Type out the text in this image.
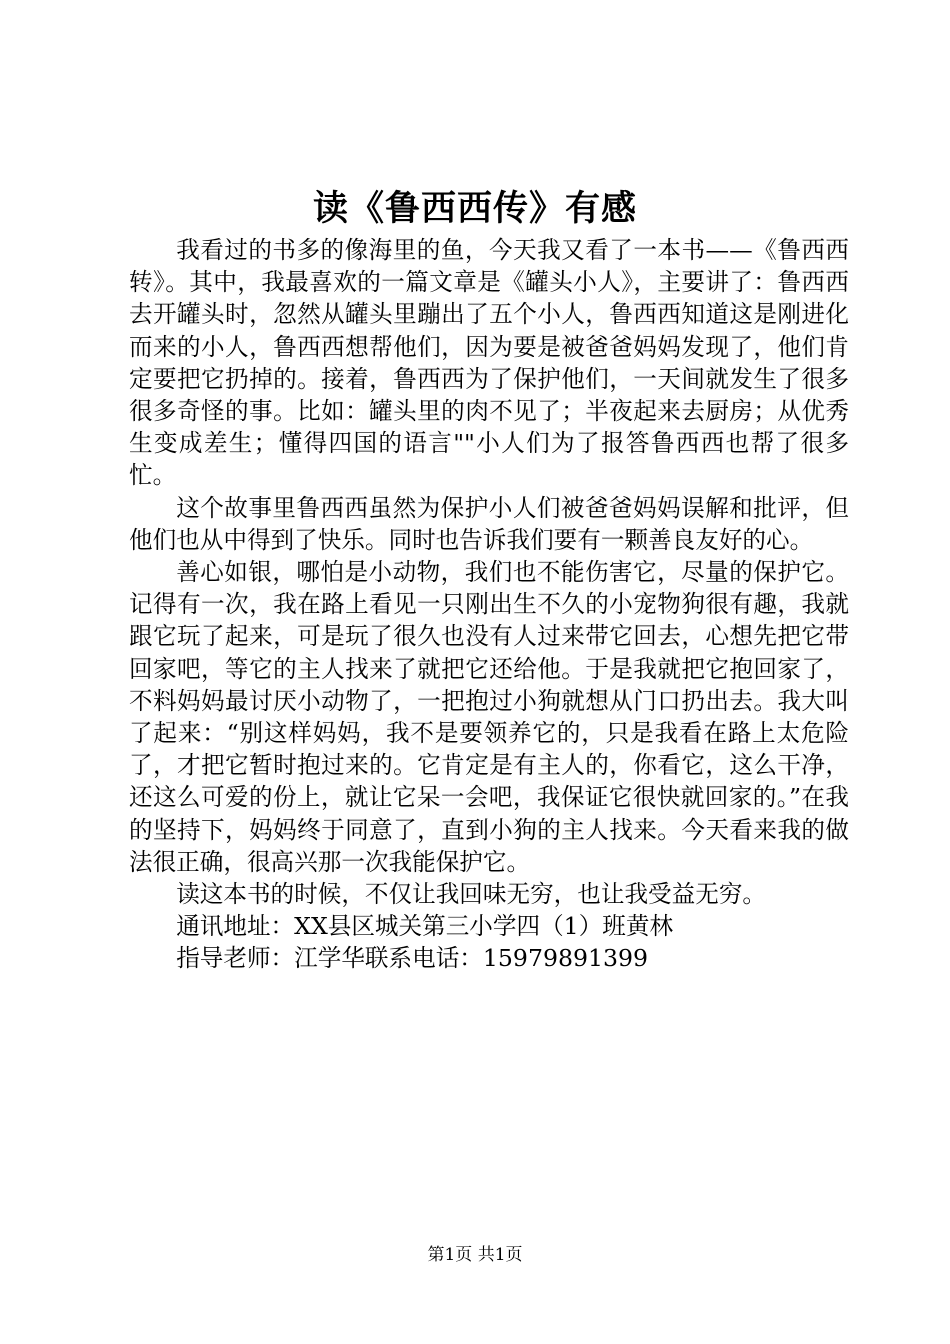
读《鲁西西传》有感

我看过的书多的像海里的鱼，今天我又看了一本书——《鲁西西转》。其中，我最喜欢的一篇文章是《罐头小人》，主要讲了：鲁西西去开罐头时，忽然从罐头里蹦出了五个小人，鲁西西知道这是刚进化而来的小人，鲁西西想帮他们，因为要是被爸爸妈妈发现了，他们肯定要把它扔掉的。接着，鲁西西为了保护他们，一天间就发生了很多很多奇怪的事。比如：罐头里的肉不见了；半夜起来去厨房；从优秀生变成差生；懂得四国的语言""小人们为了报答鲁西西也帮了很多忙。

这个故事里鲁西西虽然为保护小人们被爸爸妈妈误解和批评，但他们也从中得到了快乐。同时也告诉我们要有一颗善良友好的心。

善心如银，哪怕是小动物，我们也不能伤害它，尽量的保护它。记得有一次，我在路上看见一只刚出生不久的小宠物狗很有趣，我就跟它玩了起来，可是玩了很久也没有人过来带它回去，心想先把它带回家吧，等它的主人找来了就把它还给他。于是我就把它抱回家了，不料妈妈最讨厌小动物了，一把抱过小狗就想从门口扔出去。我大叫了起来：“别这样妈妈，我不是要领养它的，只是我看在路上太危险了，才把它暂时抱过来的。它肯定是有主人的，你看它，这么干净，还这么可爱的份上，就让它呆一会吧，我保证它很快就回家的。”在我的坚持下，妈妈终于同意了，直到小狗的主人找来。今天看来我的做法很正确，很高兴那一次我能保护它。

读这本书的时候，不仅让我回味无穷，也让我受益无穷。

通讯地址：XX县区城关第三小学四（1）班黄林

指导老师：江学华联系电话：15979891399

第1页 共1页
